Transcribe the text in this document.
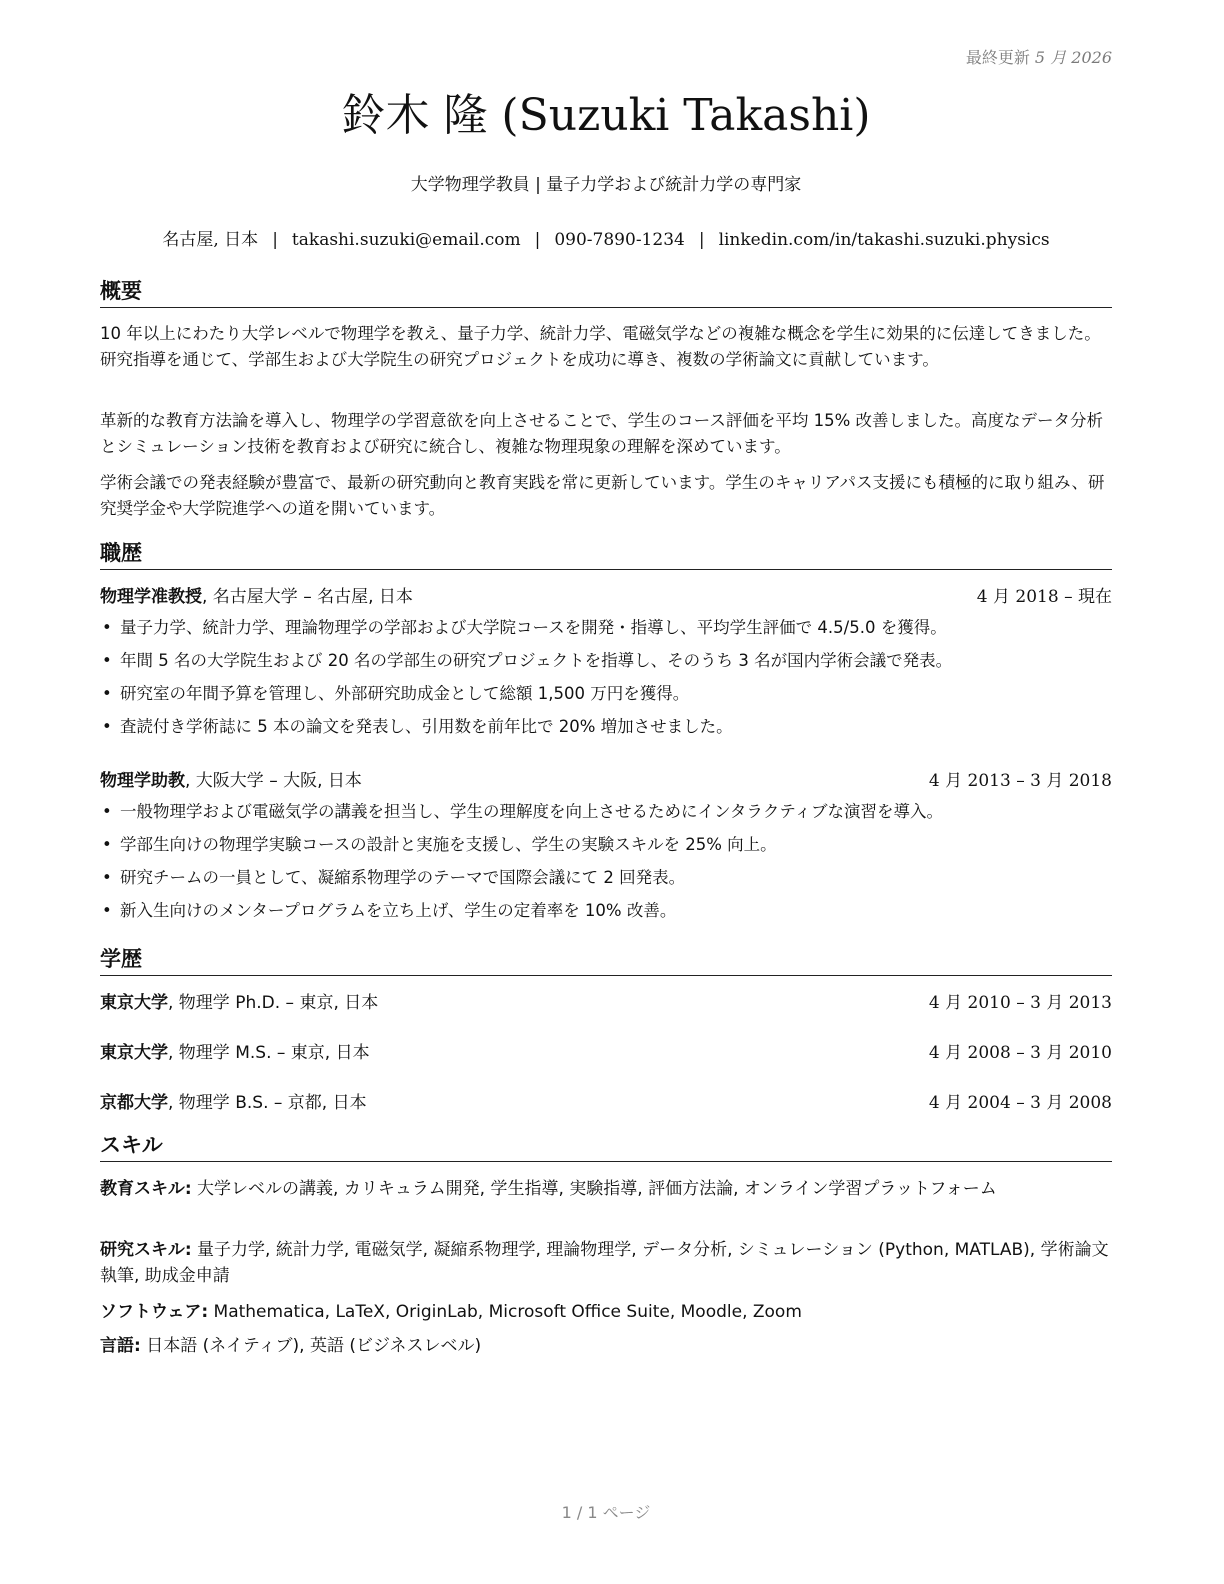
最終更新 5 月 2026
鈴木 隆 (Suzuki Takashi)
大学物理学教員 | 量子力学および統計力学の専門家
名古屋, 日本 | takashi.suzuki@email.com | 090-7890-1234 | linkedin.com/in/takashi.suzuki.physics
概要

10 年以上にわたり大学レベルで物理学を教え、量子力学、統計力学、電磁気学などの複雑な概念を学生に効果的に伝達してきました。研究指導を通じて、学部生および大学院生の研究プロジェクトを成功に導き、複数の学術論文に貢献しています。

革新的な教育方法論を導入し、物理学の学習意欲を向上させることで、学生のコース評価を平均 15% 改善しました。高度なデータ分析とシミュレーション技術を教育および研究に統合し、複雑な物理現象の理解を深めています。

学術会議での発表経験が豊富で、最新の研究動向と教育実践を常に更新しています。学生のキャリアパス支援にも積極的に取り組み、研究奨学金や大学院進学への道を開いています。

職歴
物理学准教授, 名古屋大学 – 名古屋, 日本	4 月 2018 – 現在
• 量子力学、統計力学、理論物理学の学部および大学院コースを開発・指導し、平均学生評価で 4.5/5.0 を獲得。
• 年間 5 名の大学院生および 20 名の学部生の研究プロジェクトを指導し、そのうち 3 名が国内学術会議で発表。
• 研究室の年間予算を管理し、外部研究助成金として総額 1,500 万円を獲得。
• 査読付き学術誌に 5 本の論文を発表し、引用数を前年比で 20% 増加させました。
物理学助教, 大阪大学 – 大阪, 日本	4 月 2013 – 3 月 2018
• 一般物理学および電磁気学の講義を担当し、学生の理解度を向上させるためにインタラクティブな演習を導入。
• 学部生向けの物理学実験コースの設計と実施を支援し、学生の実験スキルを 25% 向上。
• 研究チームの一員として、凝縮系物理学のテーマで国際会議にて 2 回発表。
• 新入生向けのメンタープログラムを立ち上げ、学生の定着率を 10% 改善。
学歴
東京大学, 物理学 Ph.D. – 東京, 日本	4 月 2010 – 3 月 2013
東京大学, 物理学 M.S. – 東京, 日本	4 月 2008 – 3 月 2010
京都大学, 物理学 B.S. – 京都, 日本	4 月 2004 – 3 月 2008
スキル
教育スキル: 大学レベルの講義, カリキュラム開発, 学生指導, 実験指導, 評価方法論, オンライン学習プラットフォーム
研究スキル: 量子力学, 統計力学, 電磁気学, 凝縮系物理学, 理論物理学, データ分析, シミュレーション (Python, MATLAB), 学術論文執筆, 助成金申請
ソフトウェア: Mathematica, LaTeX, OriginLab, Microsoft Office Suite, Moodle, Zoom
言語: 日本語 (ネイティブ), 英語 (ビジネスレベル)
1 / 1 ページ
